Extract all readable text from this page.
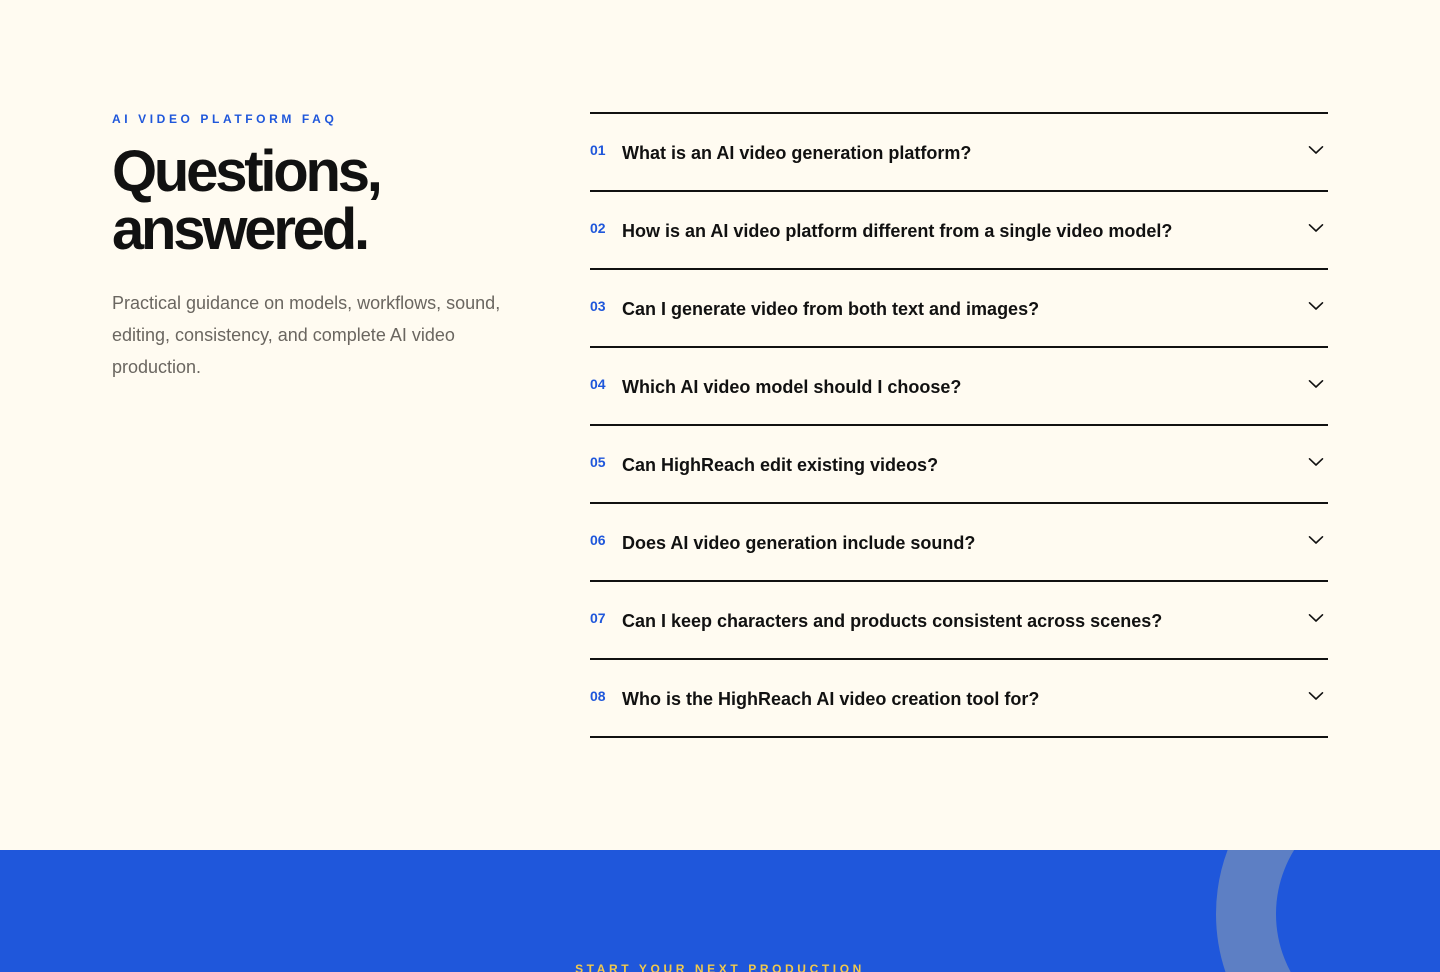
AI VIDEO PLATFORM FAQ
Questions,
answered.

Practical guidance on models, workflows, sound, editing, consistency, and complete AI video production.

01 What is an AI video generation platform?
02 How is an AI video platform different from a single video model?
03 Can I generate video from both text and images?
04 Which AI video model should I choose?
05 Can HighReach edit existing videos?
06 Does AI video generation include sound?
07 Can I keep characters and products consistent across scenes?
08 Who is the HighReach AI video creation tool for?
START YOUR NEXT PRODUCTION
